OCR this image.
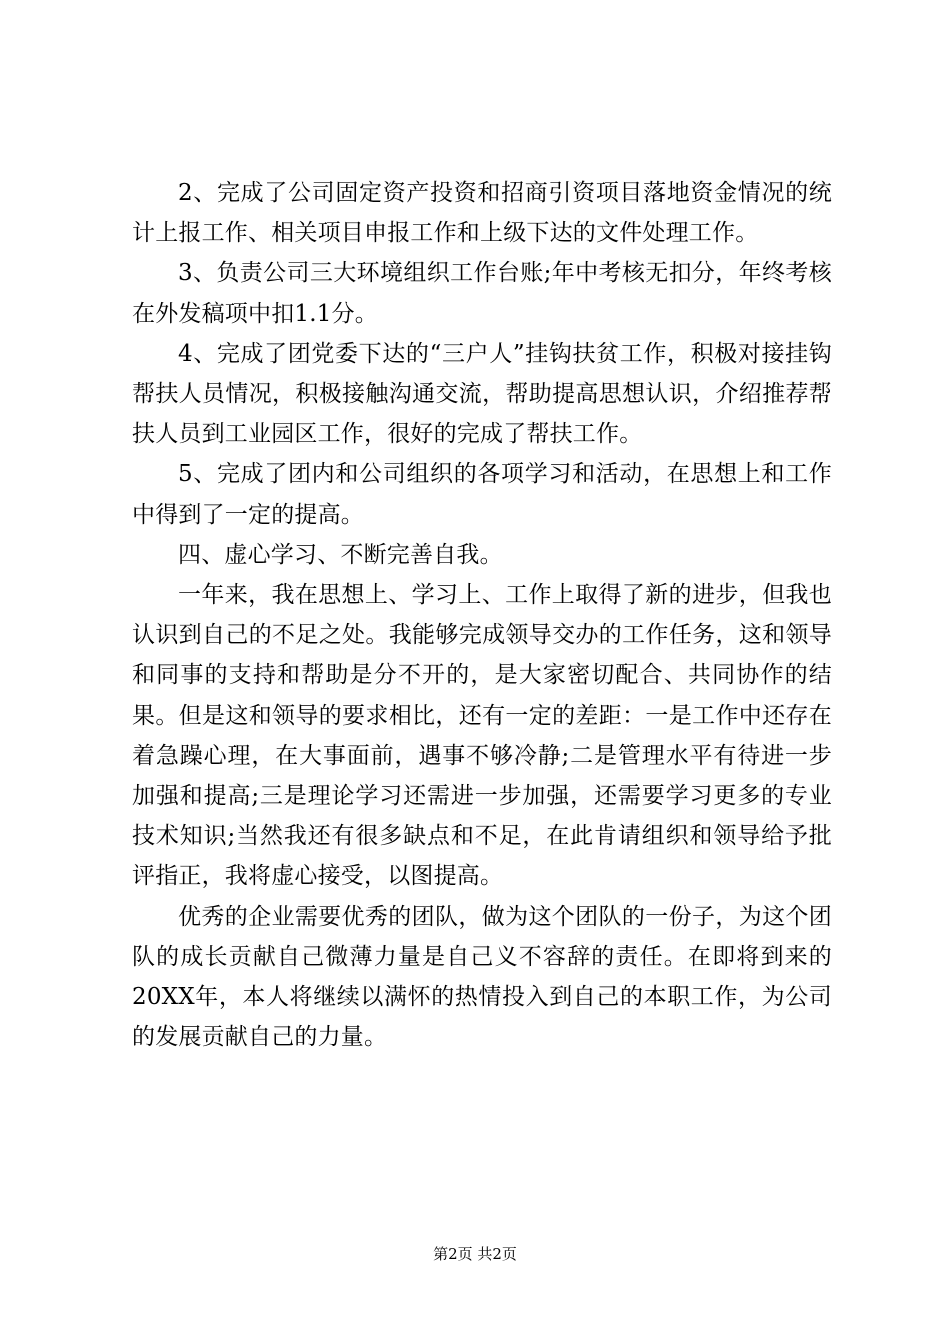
2、完成了公司固定资产投资和招商引资项目落地资金情况的统计上报工作、相关项目申报工作和上级下达的文件处理工作。

3、负责公司三大环境组织工作台账;年中考核无扣分，年终考核在外发稿项中扣1.1分。

4、完成了团党委下达的“三户人”挂钩扶贫工作，积极对接挂钩帮扶人员情况，积极接触沟通交流，帮助提高思想认识，介绍推荐帮扶人员到工业园区工作，很好的完成了帮扶工作。

5、完成了团内和公司组织的各项学习和活动，在思想上和工作中得到了一定的提高。

四、虚心学习、不断完善自我。

一年来，我在思想上、学习上、工作上取得了新的进步，但我也认识到自己的不足之处。我能够完成领导交办的工作任务，这和领导和同事的支持和帮助是分不开的，是大家密切配合、共同协作的结果。但是这和领导的要求相比，还有一定的差距：一是工作中还存在着急躁心理，在大事面前，遇事不够冷静;二是管理水平有待进一步加强和提高;三是理论学习还需进一步加强，还需要学习更多的专业技术知识;当然我还有很多缺点和不足，在此肯请组织和领导给予批评指正，我将虚心接受，以图提高。

优秀的企业需要优秀的团队，做为这个团队的一份子，为这个团队的成长贡献自己微薄力量是自己义不容辞的责任。在即将到来的20XX年，本人将继续以满怀的热情投入到自己的本职工作，为公司的发展贡献自己的力量。

第2页 共2页
